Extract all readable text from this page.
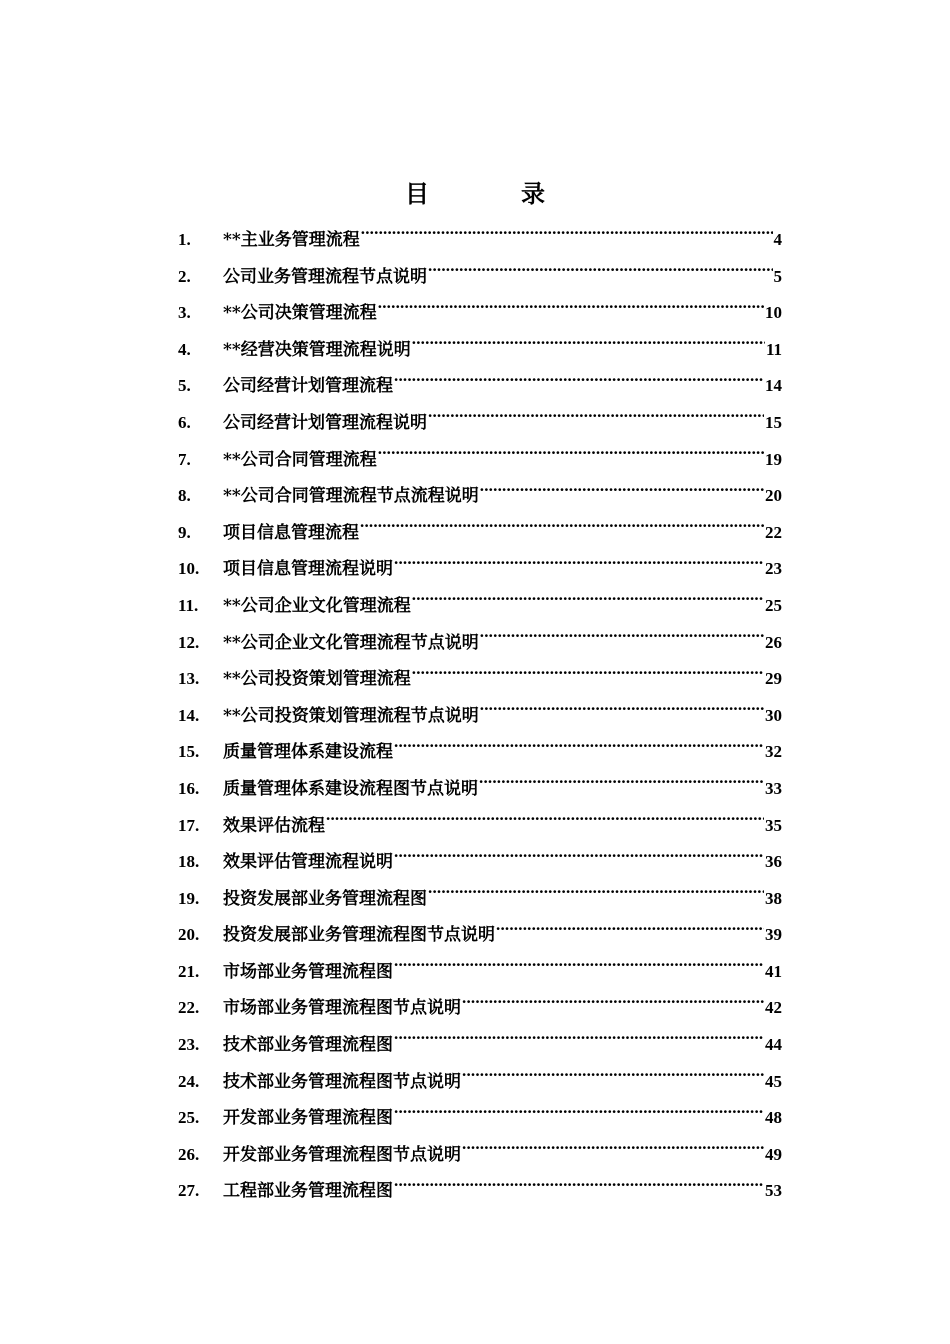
目　录
1.	**主业务管理流程 .....	4
2.	公司业务管理流程节点说明 .....	5
3.	**公司决策管理流程 .....	10
4.	**经营决策管理流程说明 .....	11
5.	公司经营计划管理流程 .....	14
6.	公司经营计划管理流程说明 .....	15
7.	**公司合同管理流程 .....	19
8.	**公司合同管理流程节点流程说明 .....	20
9.	项目信息管理流程 .....	22
10.	项目信息管理流程说明 .....	23
11.	**公司企业文化管理流程 .....	25
12.	**公司企业文化管理流程节点说明 .....	26
13.	**公司投资策划管理流程 .....	29
14.	**公司投资策划管理流程节点说明 .....	30
15.	质量管理体系建设流程 .....	32
16.	质量管理体系建设流程图节点说明 .....	33
17.	效果评估流程 .....	35
18.	效果评估管理流程说明 .....	36
19.	投资发展部业务管理流程图 .....	38
20.	投资发展部业务管理流程图节点说明 .....	39
21.	市场部业务管理流程图 .....	41
22.	市场部业务管理流程图节点说明 .....	42
23.	技术部业务管理流程图 .....	44
24.	技术部业务管理流程图节点说明 .....	45
25.	开发部业务管理流程图 .....	48
26.	开发部业务管理流程图节点说明 .....	49
27.	工程部业务管理流程图 .....	53
